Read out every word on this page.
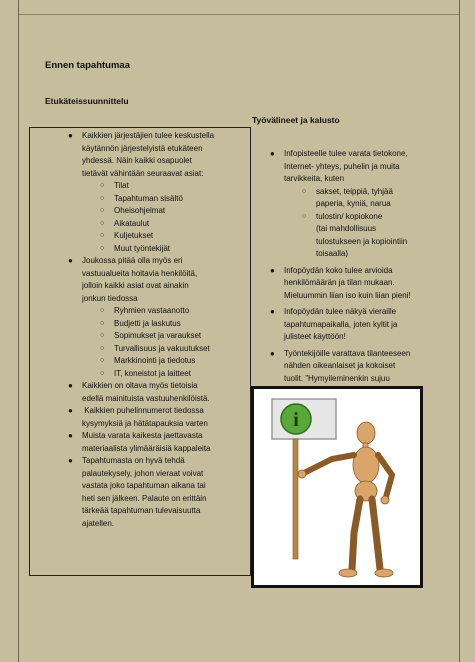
Ennen tapahtumaa
Etukäteissuunnittelu
Työvälineet ja kalusto
● Kaikkien järjestäjien tulee keskustella
käytännön järjestelyistä etukäteen
yhdessä. Näin kaikki osapuolet
tietävät vähintään seuraavat asiat:
○ Tilat
○ Tapahtuman sisältö
○ Oheisohjelmat
○ Aikataulut
○ Kuljetukset
○ Muut työntekijät
● Joukossa pitää olla myös eri
vastuualueita hoitavia henkilöitä,
jolloin kaikki asiat ovat ainakin
jonkun tiedossa
○ Ryhmien vastaanotto
○ Budjetti ja laskutus
○ Sopimukset ja varaukset
○ Turvallisuus ja vakuutukset
○ Markkinointi ja tiedotus
○ IT, koneistot ja laitteet
● Kaikkien on oltava myös tietoisia
edellä mainituista vastuuhenkilöistä.
● Kaikkien puhelinnumerot tiedossa
kysymyksiä ja hätätapauksia varten
● Muista varata kaikesta jaettavasta
materiaalista ylimääräisiä kappaleita
● Tapahtumasta on hyvä tehdä
palautekysely, johon vieraat voivat
vastata joko tapahtuman aikana tai
heti sen jälkeen. Palaute on erittäin
tärkeää tapahtuman tulevaisuutta
ajatellen.
● Infopisteelle tulee varata tietokone,
Internet- yhteys, puhelin ja muita
tarvikkeita, kuten
○ sakset, teippiä, tyhjää
paperia, kyniä, narua
○ tulostin/ kopiokone
(tai mahdollisuus
tulostukseen ja kopiointiin
toisaalla)
● Infopöydän koko tulee arvioida
henkilömäärän ja tilan mukaan.
Mieluummin liian iso kuin liian pieni!
● Infopöydän tulee näkyä vieraille
tapahtumapaikalla, joten kyltit ja
julisteet käyttöön!
● Työntekijöille varattava tilanteeseen
nähden oikeanlaiset ja kokoiset
tuolit. ”Hymyileminenkin sujuu
i
